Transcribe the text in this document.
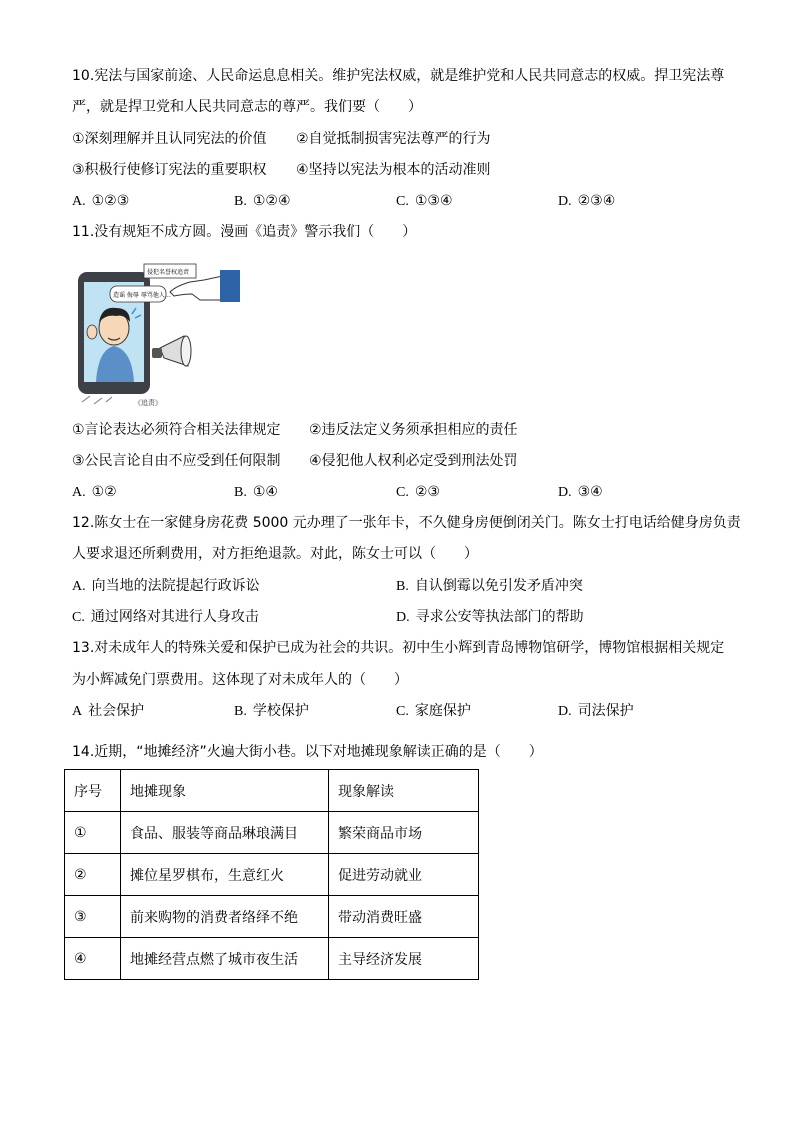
10.宪法与国家前途、人民命运息息相关。维护宪法权威，就是维护党和人民共同意志的权威。捍卫宪法尊
严，就是捍卫党和人民共同意志的尊严。我们要（　　）
①深刻理解并且认同宪法的价值 ②自觉抵制损害宪法尊严的行为
③积极行使修订宪法的重要职权 ④坚持以宪法为根本的活动准则
A. ①②③	B. ①②④	C. ①③④	D. ②③④
11.没有规矩不成方圆。漫画《追责》警示我们（　　）
造谣 侮辱 辱骂他人…
侵犯名誉权追责
《追责》
①言论表达必须符合相关法律规定 ②违反法定义务须承担相应的责任
③公民言论自由不应受到任何限制 ④侵犯他人权利必定受到刑法处罚
A. ①②	B. ①④	C. ②③	D. ③④
12.陈女士在一家健身房花费 5000 元办理了一张年卡，不久健身房便倒闭关门。陈女士打电话给健身房负责
人要求退还所剩费用，对方拒绝退款。对此，陈女士可以（　　）
A. 向当地的法院提起行政诉讼	B. 自认倒霉以免引发矛盾冲突
C. 通过网络对其进行人身攻击	D. 寻求公安等执法部门的帮助
13.对未成年人的特殊关爱和保护已成为社会的共识。初中生小辉到青岛博物馆研学，博物馆根据相关规定
为小辉减免门票费用。这体现了对未成年人的（　　）
A 社会保护	B. 学校保护	C. 家庭保护	D. 司法保护
14.近期，“地摊经济”火遍大街小巷。以下对地摊现象解读正确的是（　　）
序号	地摊现象	现象解读
①	食品、服装等商品琳琅满目	繁荣商品市场
②	摊位星罗棋布，生意红火	促进劳动就业
③	前来购物的消费者络绎不绝	带动消费旺盛
④	地摊经营点燃了城市夜生活	主导经济发展
